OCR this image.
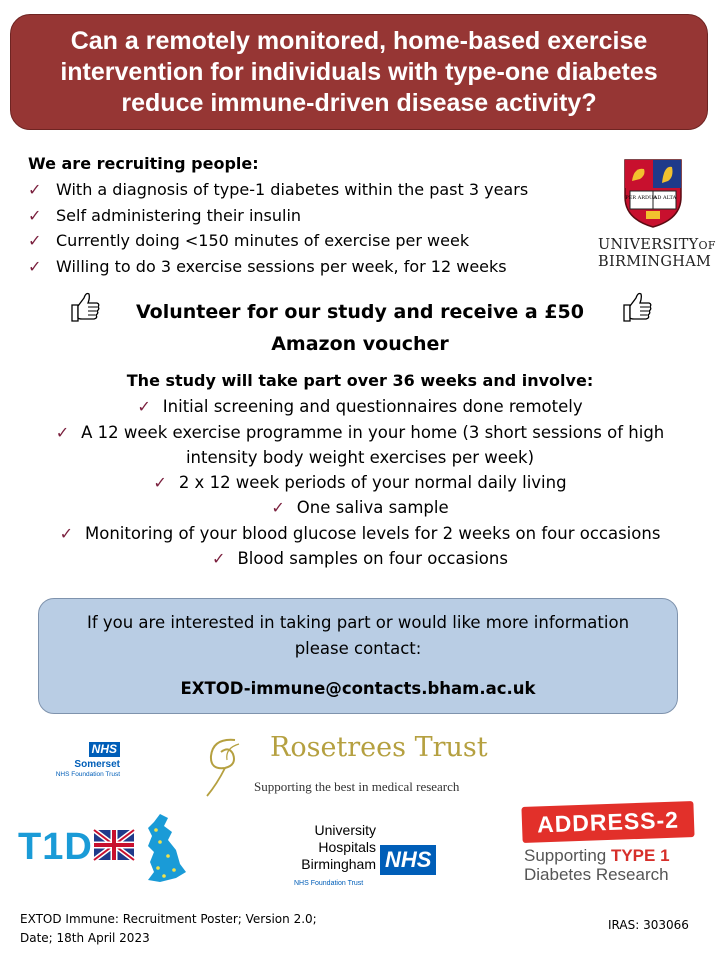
Can a remotely monitored, home-based exercise intervention for individuals with type-one diabetes reduce immune-driven disease activity?
We are recruiting people:
✓ With a diagnosis of type-1 diabetes within the past 3 years
✓ Self administering their insulin
✓ Currently doing <150 minutes of exercise per week
✓ Willing to do 3 exercise sessions per week, for 12 weeks
PER ARDUA
AD ALTA
UNIVERSITYOF
BIRMINGHAM
Volunteer for our study and receive a £50
Amazon voucher
The study will take part over 36 weeks and involve:
✓ Initial screening and questionnaires done remotely
✓ A 12 week exercise programme in your home (3 short sessions of high
intensity body weight exercises per week)
✓ 2 x 12 week periods of your normal daily living
✓ One saliva sample
✓ Monitoring of your blood glucose levels for 2 weeks on four occasions
✓ Blood samples on four occasions
If you are interested in taking part or would like more information
please contact:
EXTOD-immune@contacts.bham.ac.uk
NHS
Somerset
NHS Foundation Trust
Rosetrees Trust
Supporting the best in medical research
T1D	University
Hospitals
Birmingham NHS
NHS Foundation Trust
ADDRESS-2
Supporting TYPE 1
Diabetes Research
EXTOD Immune: Recruitment Poster; Version 2.0;
Date; 18th April 2023
IRAS: 303066
